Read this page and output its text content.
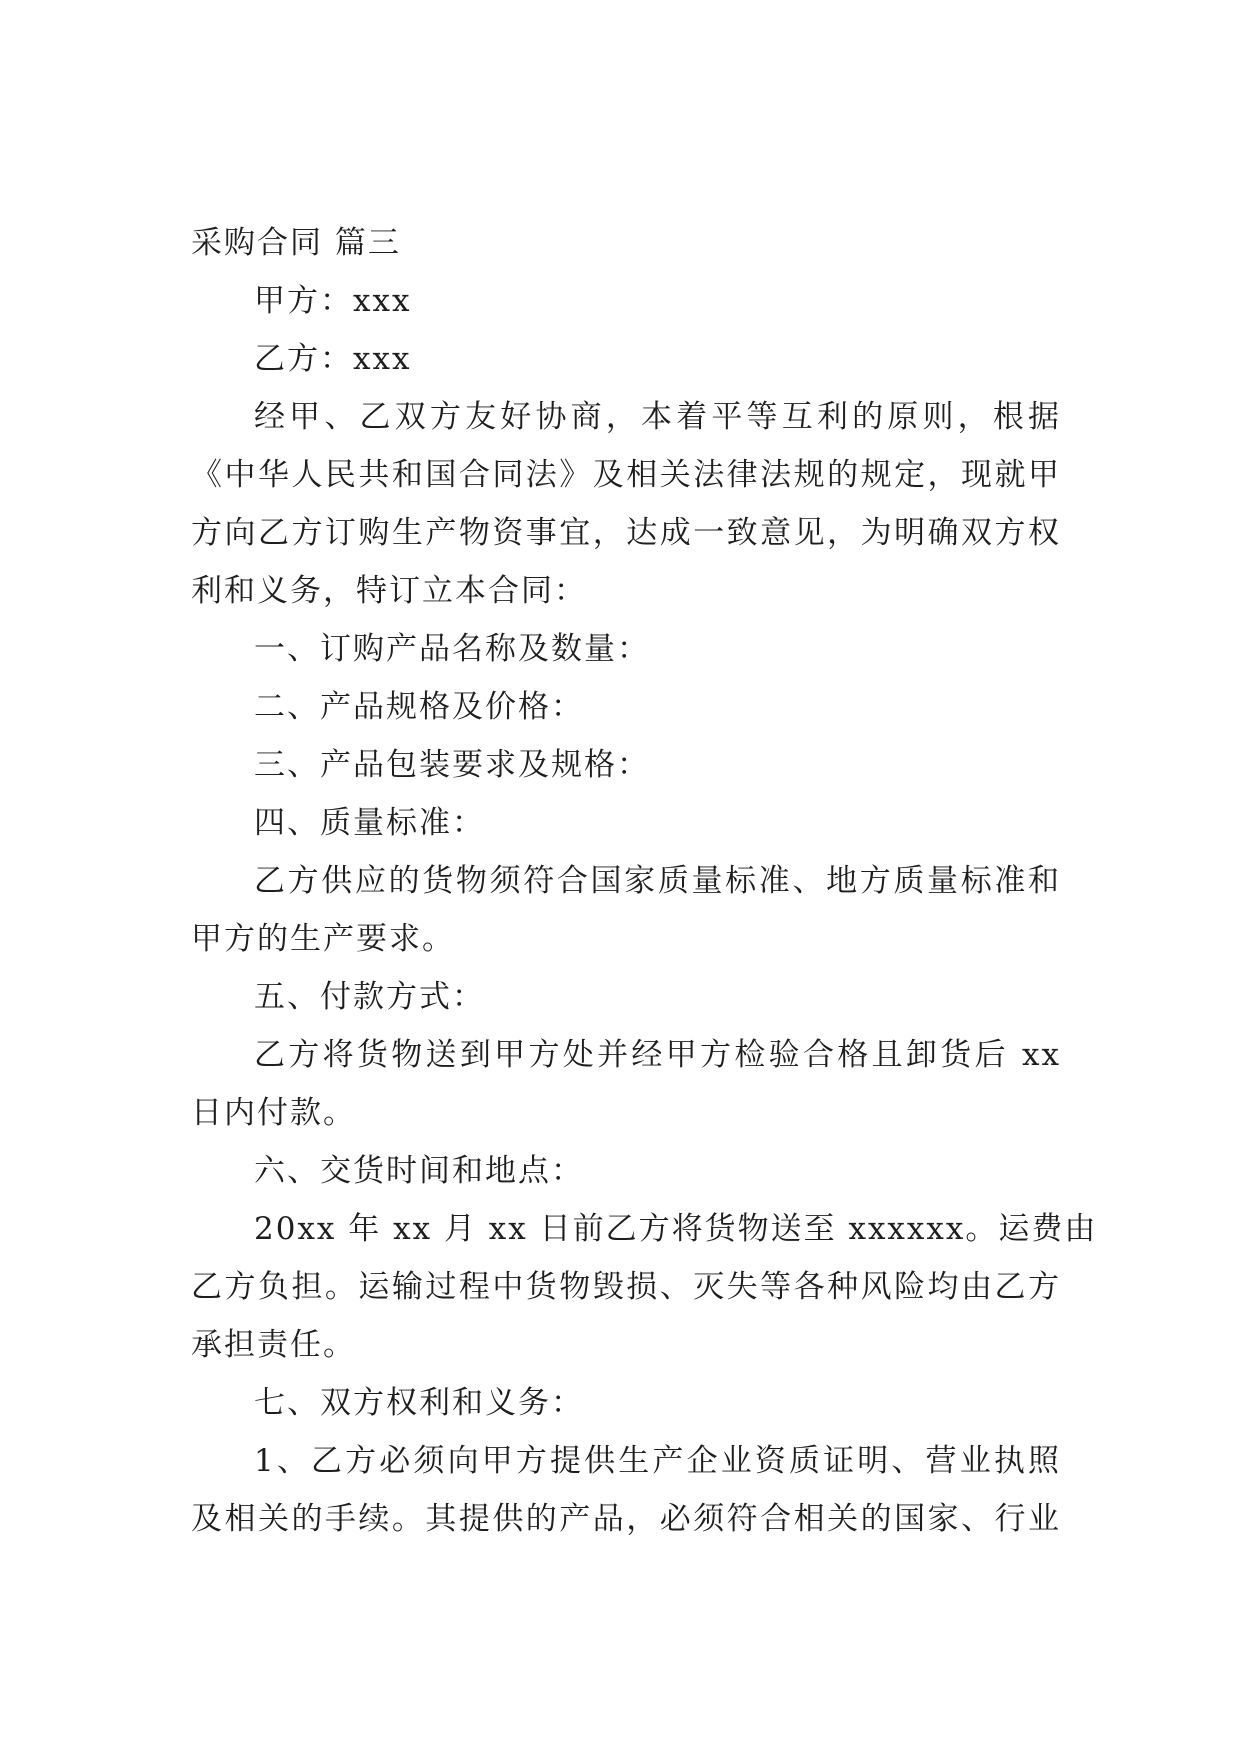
采购合同 篇三
甲方：xxx
乙方：xxx
经甲、乙双方友好协商，本着平等互利的原则，根据
《中华人民共和国合同法》及相关法律法规的规定，现就甲
方向乙方订购生产物资事宜，达成一致意见，为明确双方权
利和义务，特订立本合同：
一、订购产品名称及数量：
二、产品规格及价格：
三、产品包装要求及规格：
四、质量标准：
乙方供应的货物须符合国家质量标准、地方质量标准和
甲方的生产要求。
五、付款方式：
乙方将货物送到甲方处并经甲方检验合格且卸货后 xx
日内付款。
六、交货时间和地点：
20xx 年 xx 月 xx 日前乙方将货物送至 xxxxxx。运费由
乙方负担。运输过程中货物毁损、灭失等各种风险均由乙方
承担责任。
七、双方权利和义务：
1、乙方必须向甲方提供生产企业资质证明、营业执照
及相关的手续。其提供的产品，必须符合相关的国家、行业
